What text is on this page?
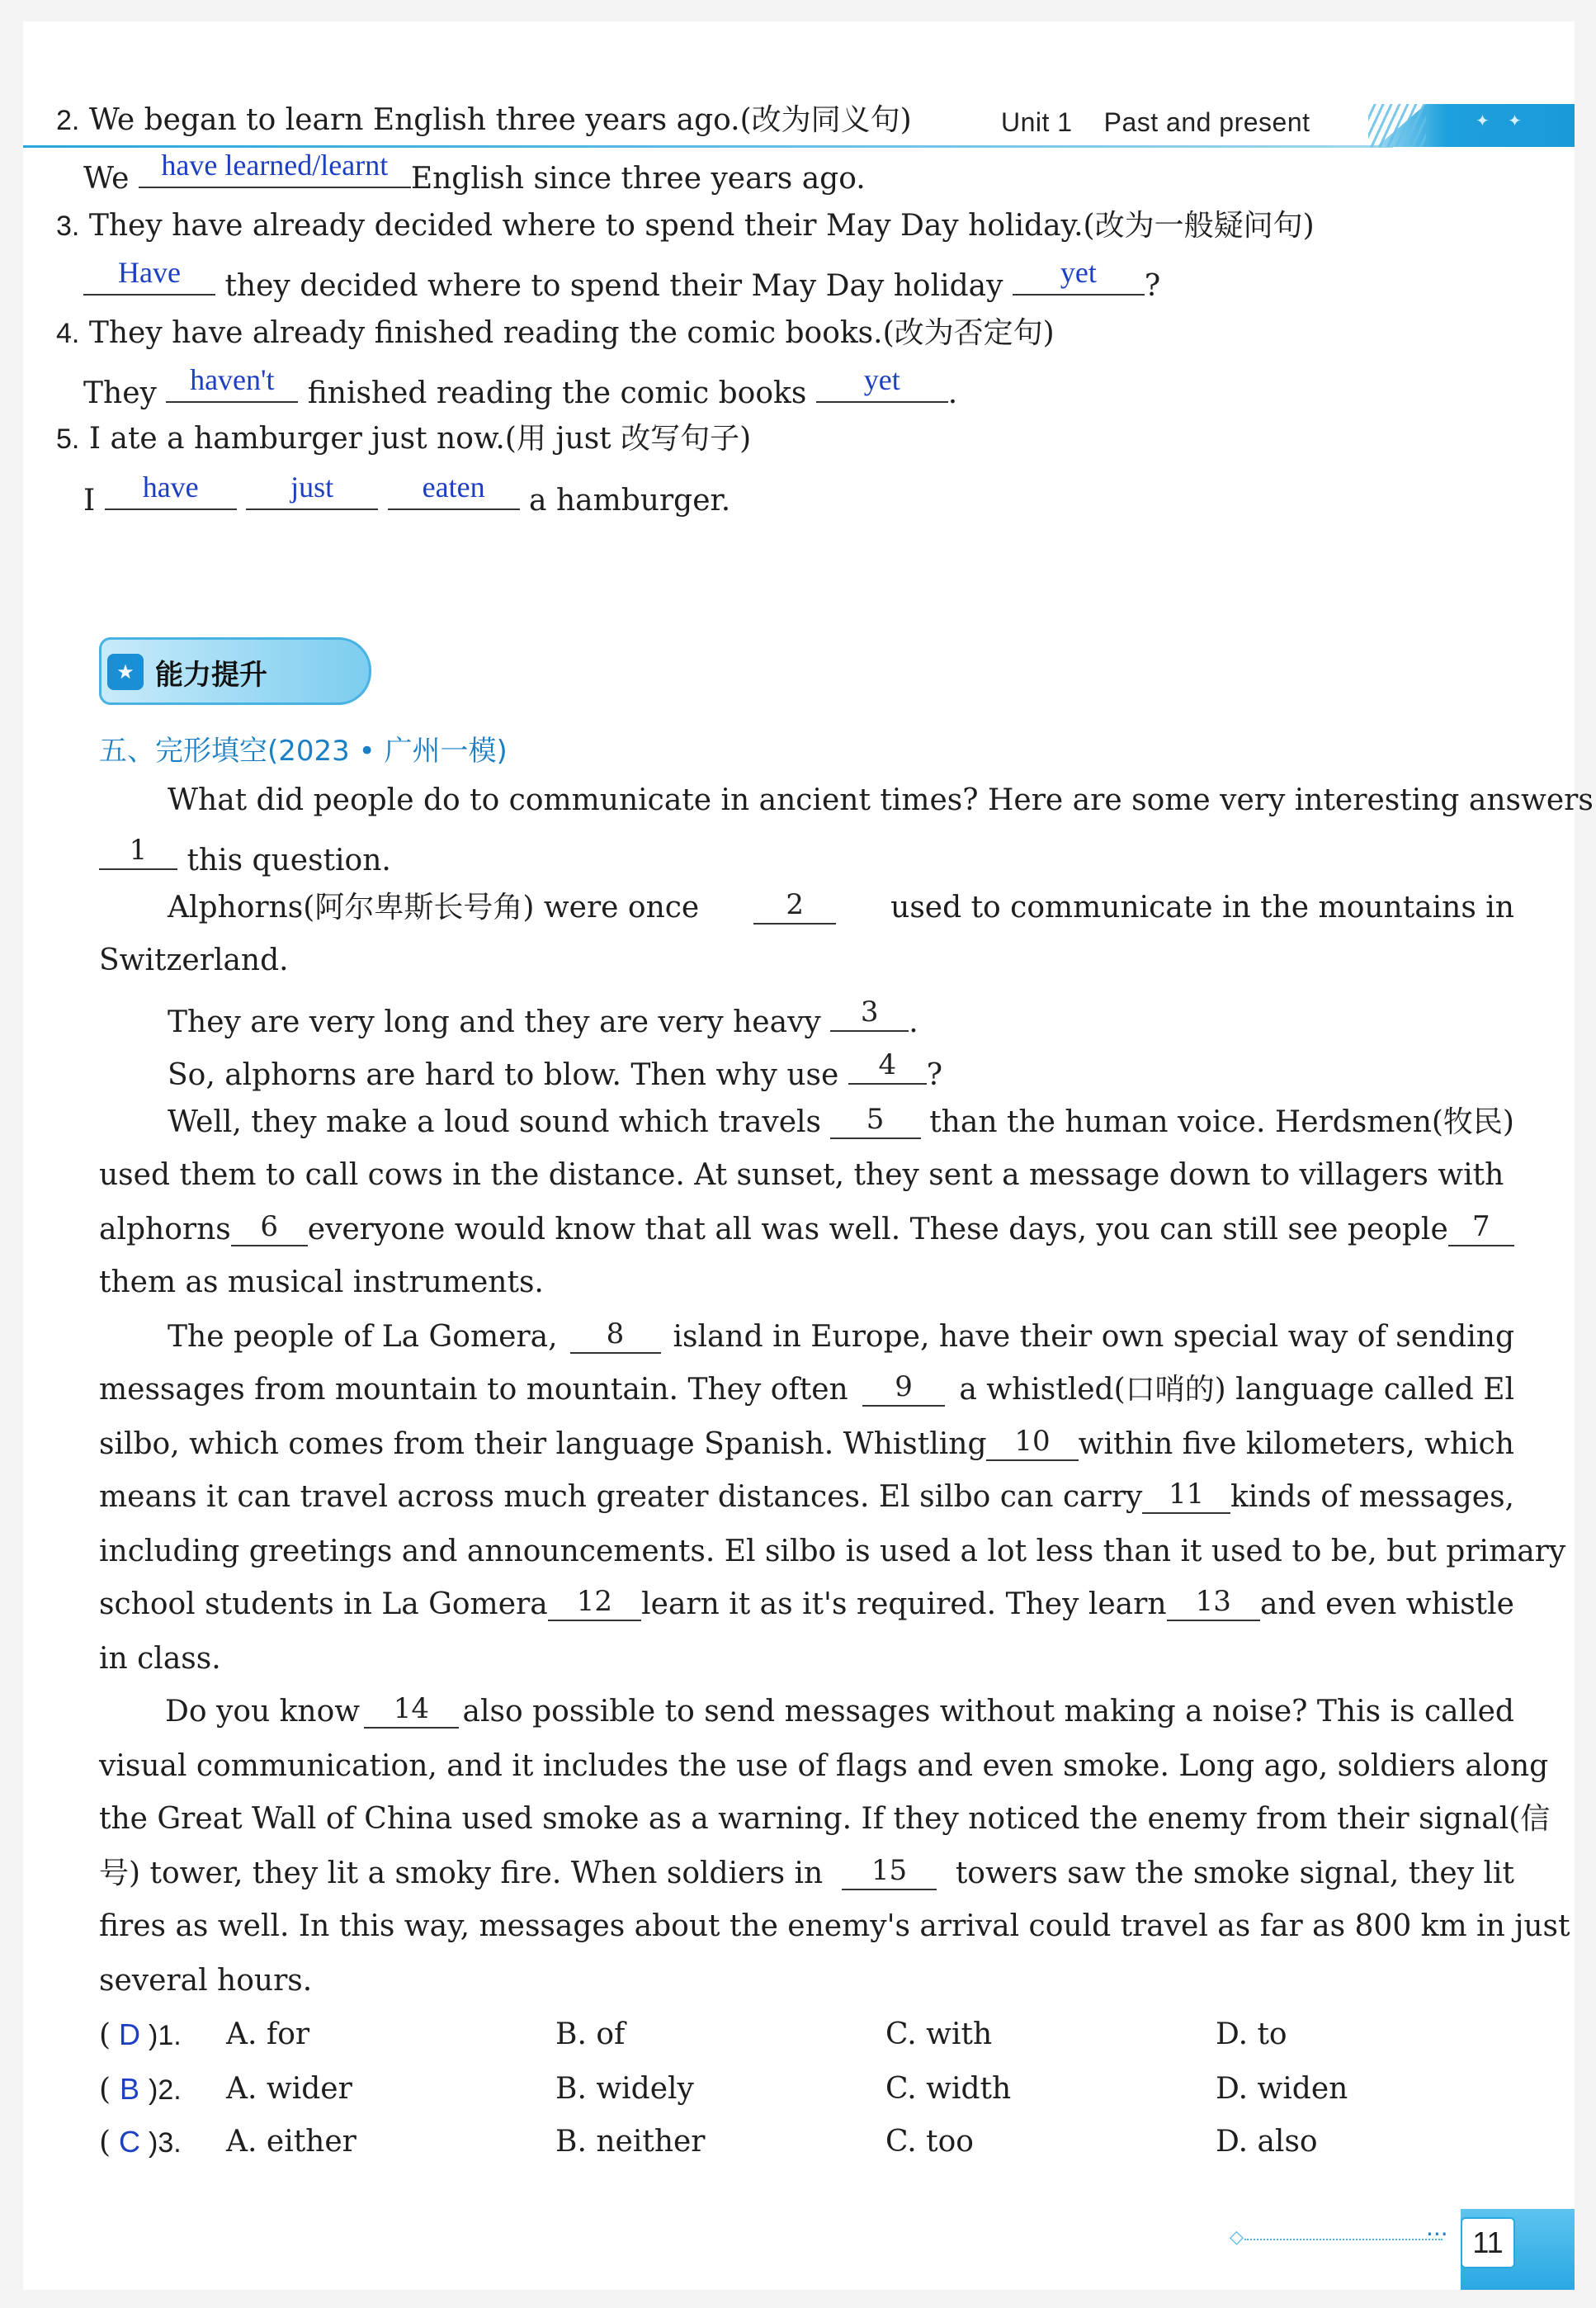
✦ ✦
Unit 1 Past and present
2. We began to learn English three years ago.(改为同义句)
We	have learned/learnt English since three years ago.
3. They have already decided where to spend their May Day holiday.(改为一般疑问句)
Have	they decided where to spend their May Day holiday	yet	?
4. They have already finished reading the comic books.(改为否定句)
They	haven't	finished reading the comic books	yet	.
5. I ate a hamburger just now.(用 just 改写句子)
I	have
	just
	eaten	a hamburger.
★ 能力提升
五、完形填空(2023 • 广州一模)
What did people do to communicate in ancient times? Here are some very interesting answers
1	this question.
Alphorns(阿尔卑斯长号角) were once	2	used to communicate in the mountains in
Switzerland.
They are very long and they are very heavy	3	.
So, alphorns are hard to blow. Then why use	4	?
Well, they make a loud sound which travels	5	than the human voice. Herdsmen(牧民)
used them to call cows in the distance. At sunset, they sent a message down to villagers with
alphorns	6 everyone would know that all was well. These days, you can still see people 7
them as musical instruments.
The people of La Gomera,	8	island in Europe, have their own special way of sending
messages from mountain to mountain. They often	9	a whistled(口哨的) language called El
silbo, which comes from their language Spanish. Whistling 10 within five kilometers, which
means it can travel across much greater distances. El silbo can carry 11 kinds of messages,
including greetings and announcements. El silbo is used a lot less than it used to be, but primary
school students in La Gomera	12 learn it as it's required. They learn	13 and even whistle
in class.
Do you know	14	also possible to send messages without making a noise? This is called
visual communication, and it includes the use of flags and even smoke. Long ago, soldiers along
the Great Wall of China used smoke as a warning. If they noticed the enemy from their signal(信
号) tower, they lit a smoky fire. When soldiers in	15	towers saw the smoke signal, they lit
fires as well. In this way, messages about the enemy's arrival could travel as far as 800 km in just
several hours.
( D )1. A. for	B. of	C. with	D. to
( B )2. A. wider	B. widely	C. width	D. widen
( C )3. A. either	B. neither	C. too	D. also
◇	··· 11
